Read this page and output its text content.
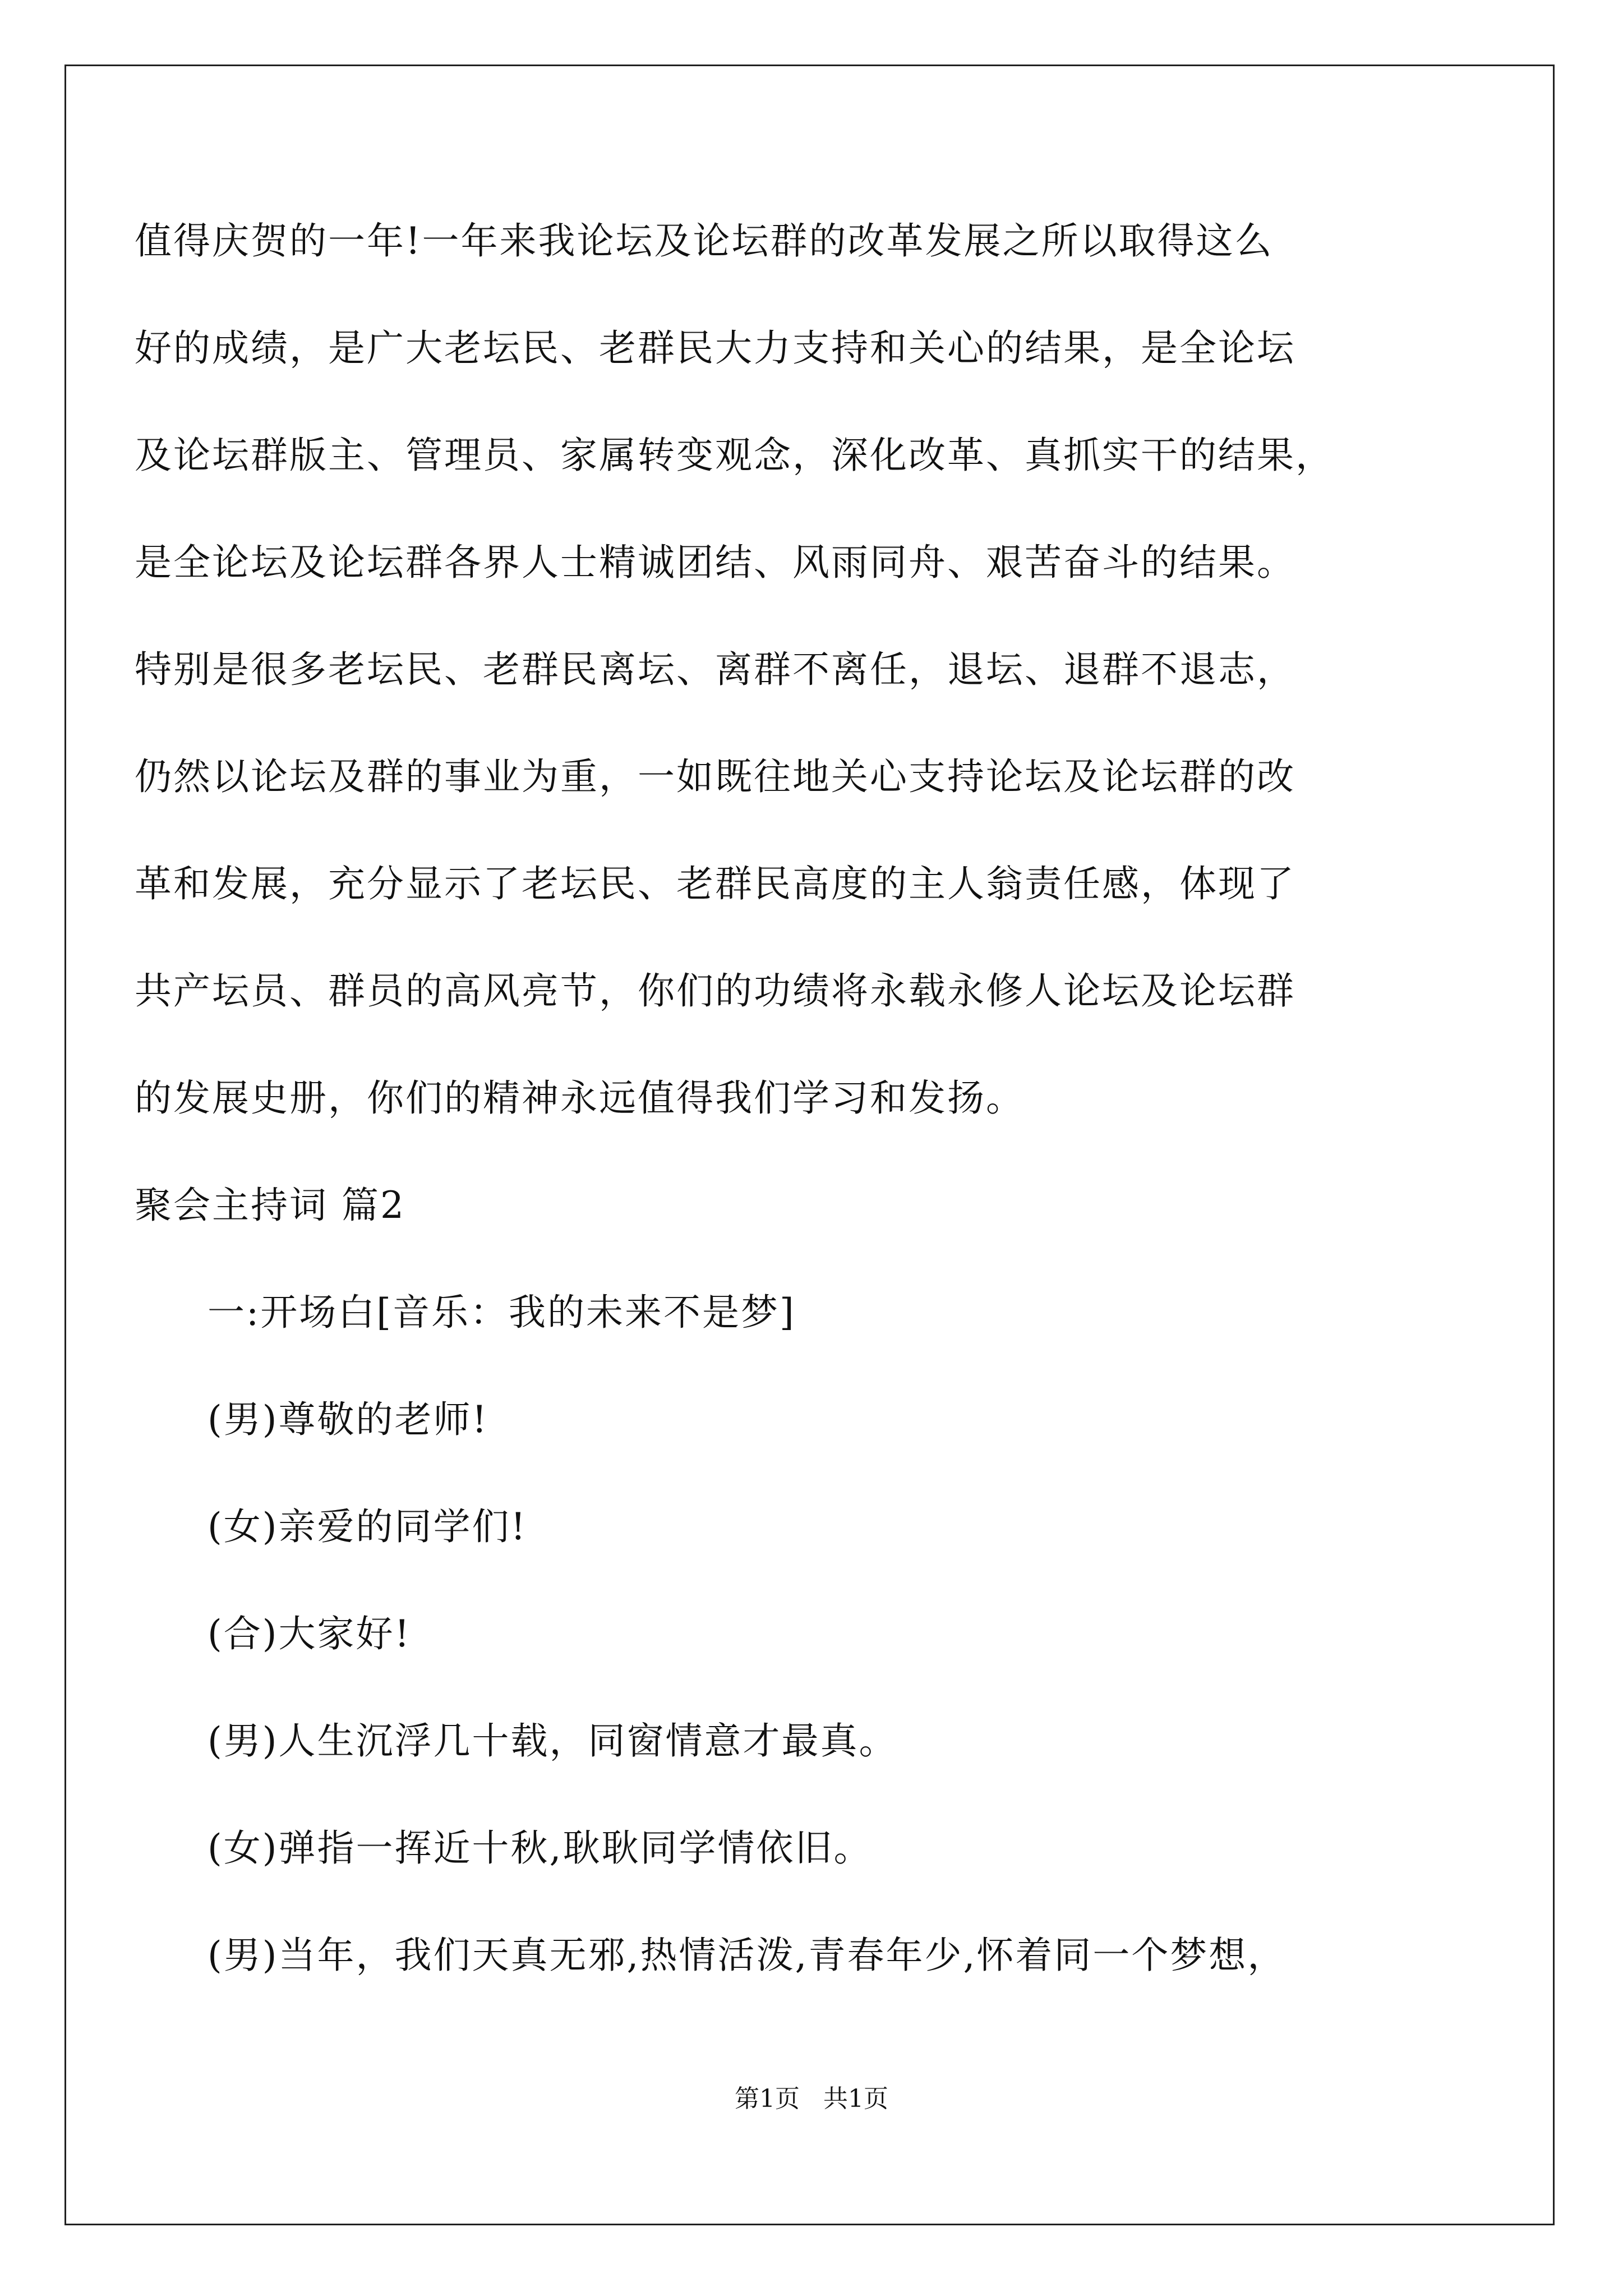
值得庆贺的一年!一年来我论坛及论坛群的改革发展之所以取得这么
好的成绩，是广大老坛民、老群民大力支持和关心的结果，是全论坛
及论坛群版主、管理员、家属转变观念，深化改革、真抓实干的结果，
是全论坛及论坛群各界人士精诚团结、风雨同舟、艰苦奋斗的结果。
特别是很多老坛民、老群民离坛、离群不离任，退坛、退群不退志，
仍然以论坛及群的事业为重，一如既往地关心支持论坛及论坛群的改
革和发展，充分显示了老坛民、老群民高度的主人翁责任感，体现了
共产坛员、群员的高风亮节，你们的功绩将永载永修人论坛及论坛群
的发展史册，你们的精神永远值得我们学习和发扬。
聚会主持词 篇2
一:开场白[音乐：我的未来不是梦]
(男)尊敬的老师!
(女)亲爱的同学们!
(合)大家好!
(男)人生沉浮几十载，同窗情意才最真。
(女)弹指一挥近十秋,耿耿同学情依旧。
(男)当年，我们天真无邪,热情活泼,青春年少,怀着同一个梦想，
第1页   共1页
